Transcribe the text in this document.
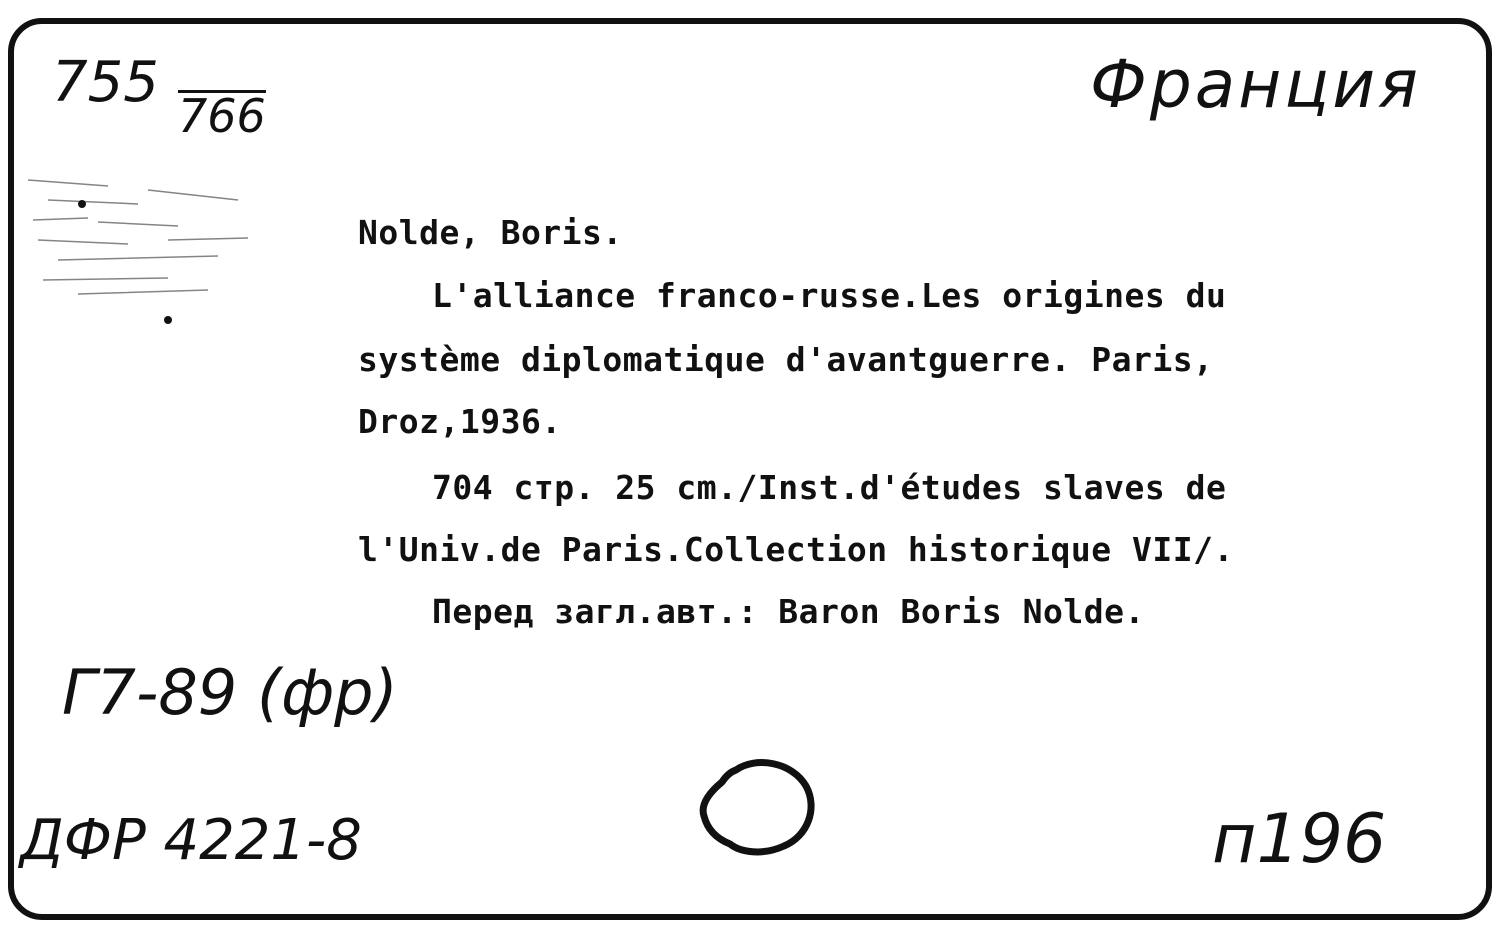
755
766	Франция
Nolde, Boris.
L'alliance franco-russe.Les origines du
système diplomatique d'avantguerre. Paris,
Droz,1936.
704 стр. 25 cm./Inst.d'études slaves de
l'Univ.de Paris.Collection historique VII/.
Перед загл.авт.: Baron Boris Nolde.
Г7-89 (фр)
ДФР 4221-8	п196
